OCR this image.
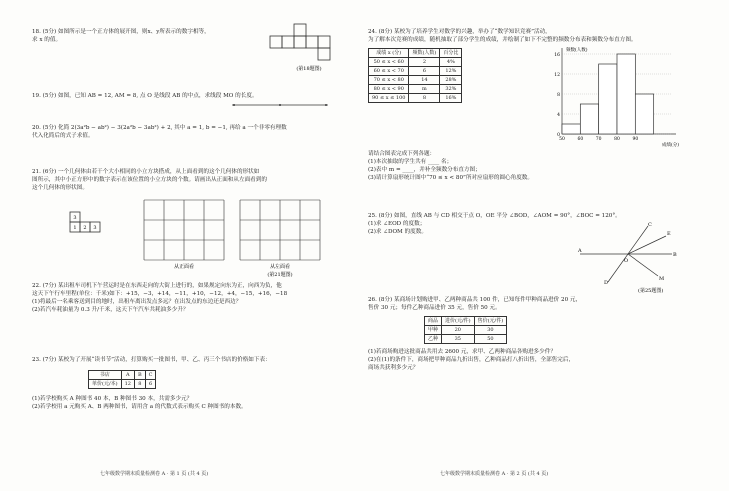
18. (5分) 如图所示是一个正方体的展开图，则x、y所表示的数字相等，

求 x 的值。

(第18题图)

19. (5分) 如图，已知 AB = 12, AM = 8, 点 O 是线段 AB 的中点，求线段 MO 的长度。

20. (5分) 化简 2(3a²b − ab²) − 3(2a²b − 3ab²) + 2, 其中 a = 1, b = −1, 再给 a 一个非零有理数

代入化简后的式子求值。

21. (6分) 一个几何体由若干个大小相同的小立方块搭成，从上面看到的这个几何体的形状如

图所示，其中小正方形中的数字表示在该位置的小立方块的个数。请画出从正面和从左面看到的

这个几何体的形状图。

3
1 2 3
从正面看	从左面看
(第21题图)

22. (7分) 某出租车司机下午营运时是在东西走向的大街上进行的，如果规定向东为正，向西为负，他

这天下午行车里程(单位：千米)如下：+15，−3，+14，−11，+10，−12，+4，−15，+16，−18

(1)将最后一名乘客送到目的地时，出租车离出发点多远？在出发点的东边还是西边？

(2)若汽车耗油量为 0.3 升/千米，这天下午汽车共耗油多少升？

23. (7分) 某校为了开展“读书节”活动，打算购买一批图书，甲、乙、丙三个书店的价格如下表：

书店	A	B	C
单价(元/本)	12	8	6

(1)若学校购买 A 种图书 40 本，B 种图书 30 本，共需多少元？

(2)若学校用 a 元购买 A、B 两种图书，请用含 a 的代数式表示购买 C 种图书的本数。

24. (8分) 某校为了培养学生对数学的兴趣，举办了“数学知识竞赛”活动，

为了解本次竞赛的成绩，随机抽取了部分学生的成绩，并绘制了如下不完整的频数分布表和频数分布直方图。

成绩 x (分)	频数(人数)	百分比
50 ≤ x < 60	2	4%
60 ≤ x < 70	6	12%
70 ≤ x < 80	14	28%
80 ≤ x < 90	m	32%
90 ≤ x ≤ 100	8	16%
0
4
8
12
16
50	60	70	80	90
频数(人数)
成绩(分)

请结合图表完成下列各题：

(1)本次抽取的学生共有 ____ 名；

(2)表中 m = ____，并补全频数分布直方图；

(3)请计算扇形统计图中“70 ≤ x < 80”所对应扇形的圆心角度数。

25. (8分) 如图，直线 AB 与 CD 相交于点 O，OE 平分 ∠BOD，∠AOM = 90°，∠BOC = 120°。

(1)求 ∠EOD 的度数；

(2)求 ∠DOM 的度数。

A
B
C
D
E
M
O
(第25题图)

26. (8分) 某商场计划购进甲、乙两种商品共 100 件，已知每件甲种商品进价 20 元，

售价 30 元；每件乙种商品进价 35 元，售价 50 元。

商品	进价(元/件)	售价(元/件)
甲种	20	30
乙种	35	50

(1)若商场购进这批商品共用去 2600 元，求甲、乙两种商品各购进多少件？

(2)在(1)的条件下，商场把甲种商品九折出售，乙种商品打八折出售，全部售完后，

商场共获利多少元？

七年级数学期末质量检测卷 A · 第 1 页 (共 4 页)	七年级数学期末质量检测卷 A · 第 2 页 (共 4 页)
